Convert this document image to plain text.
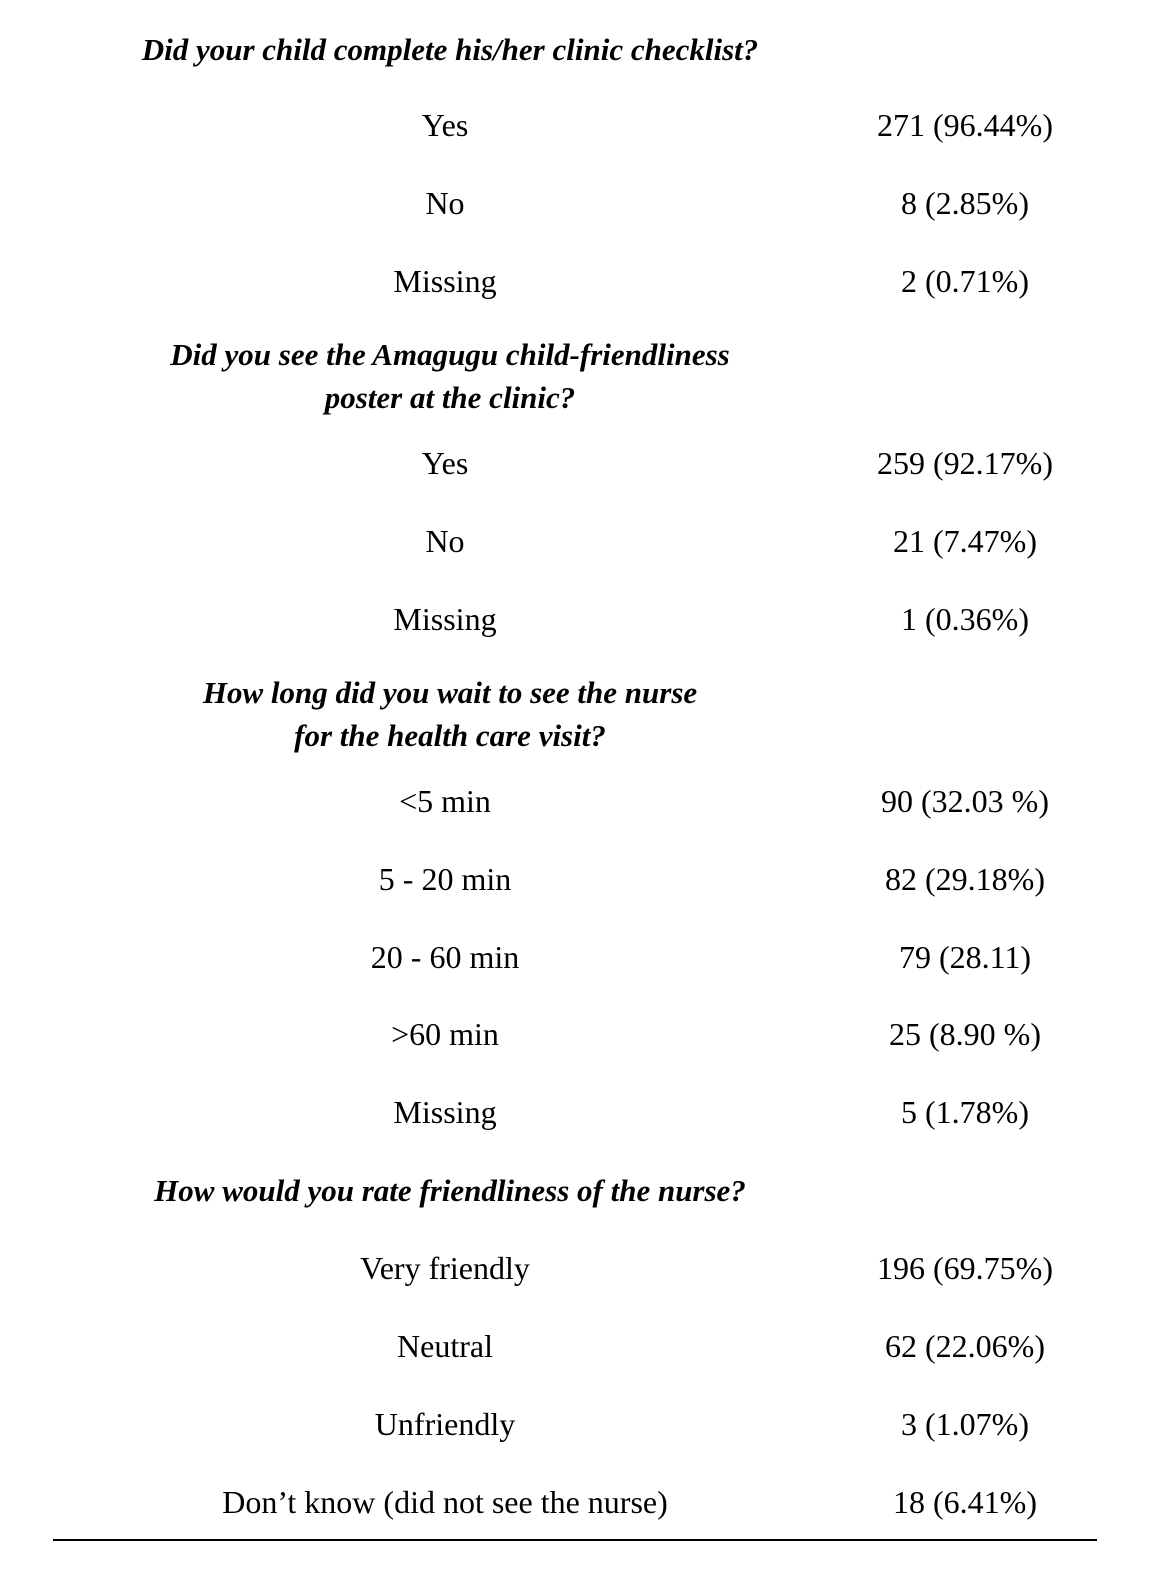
Did your child complete his/her clinic checklist?
Yes	271 (96.44%)
No	8 (2.85%)
Missing	2 (0.71%)
Did you see the Amagugu child-friendliness
poster at the clinic?
Yes	259 (92.17%)
No	21 (7.47%)
Missing	1 (0.36%)
How long did you wait to see the nurse
for the health care visit?
<5 min	90 (32.03 %)
5 - 20 min	82 (29.18%)
20 - 60 min	79 (28.11)
>60 min	25 (8.90 %)
Missing	5 (1.78%)
How would you rate friendliness of the nurse?
Very friendly	196 (69.75%)
Neutral	62 (22.06%)
Unfriendly	3 (1.07%)
Don’t know (did not see the nurse)	18 (6.41%)
